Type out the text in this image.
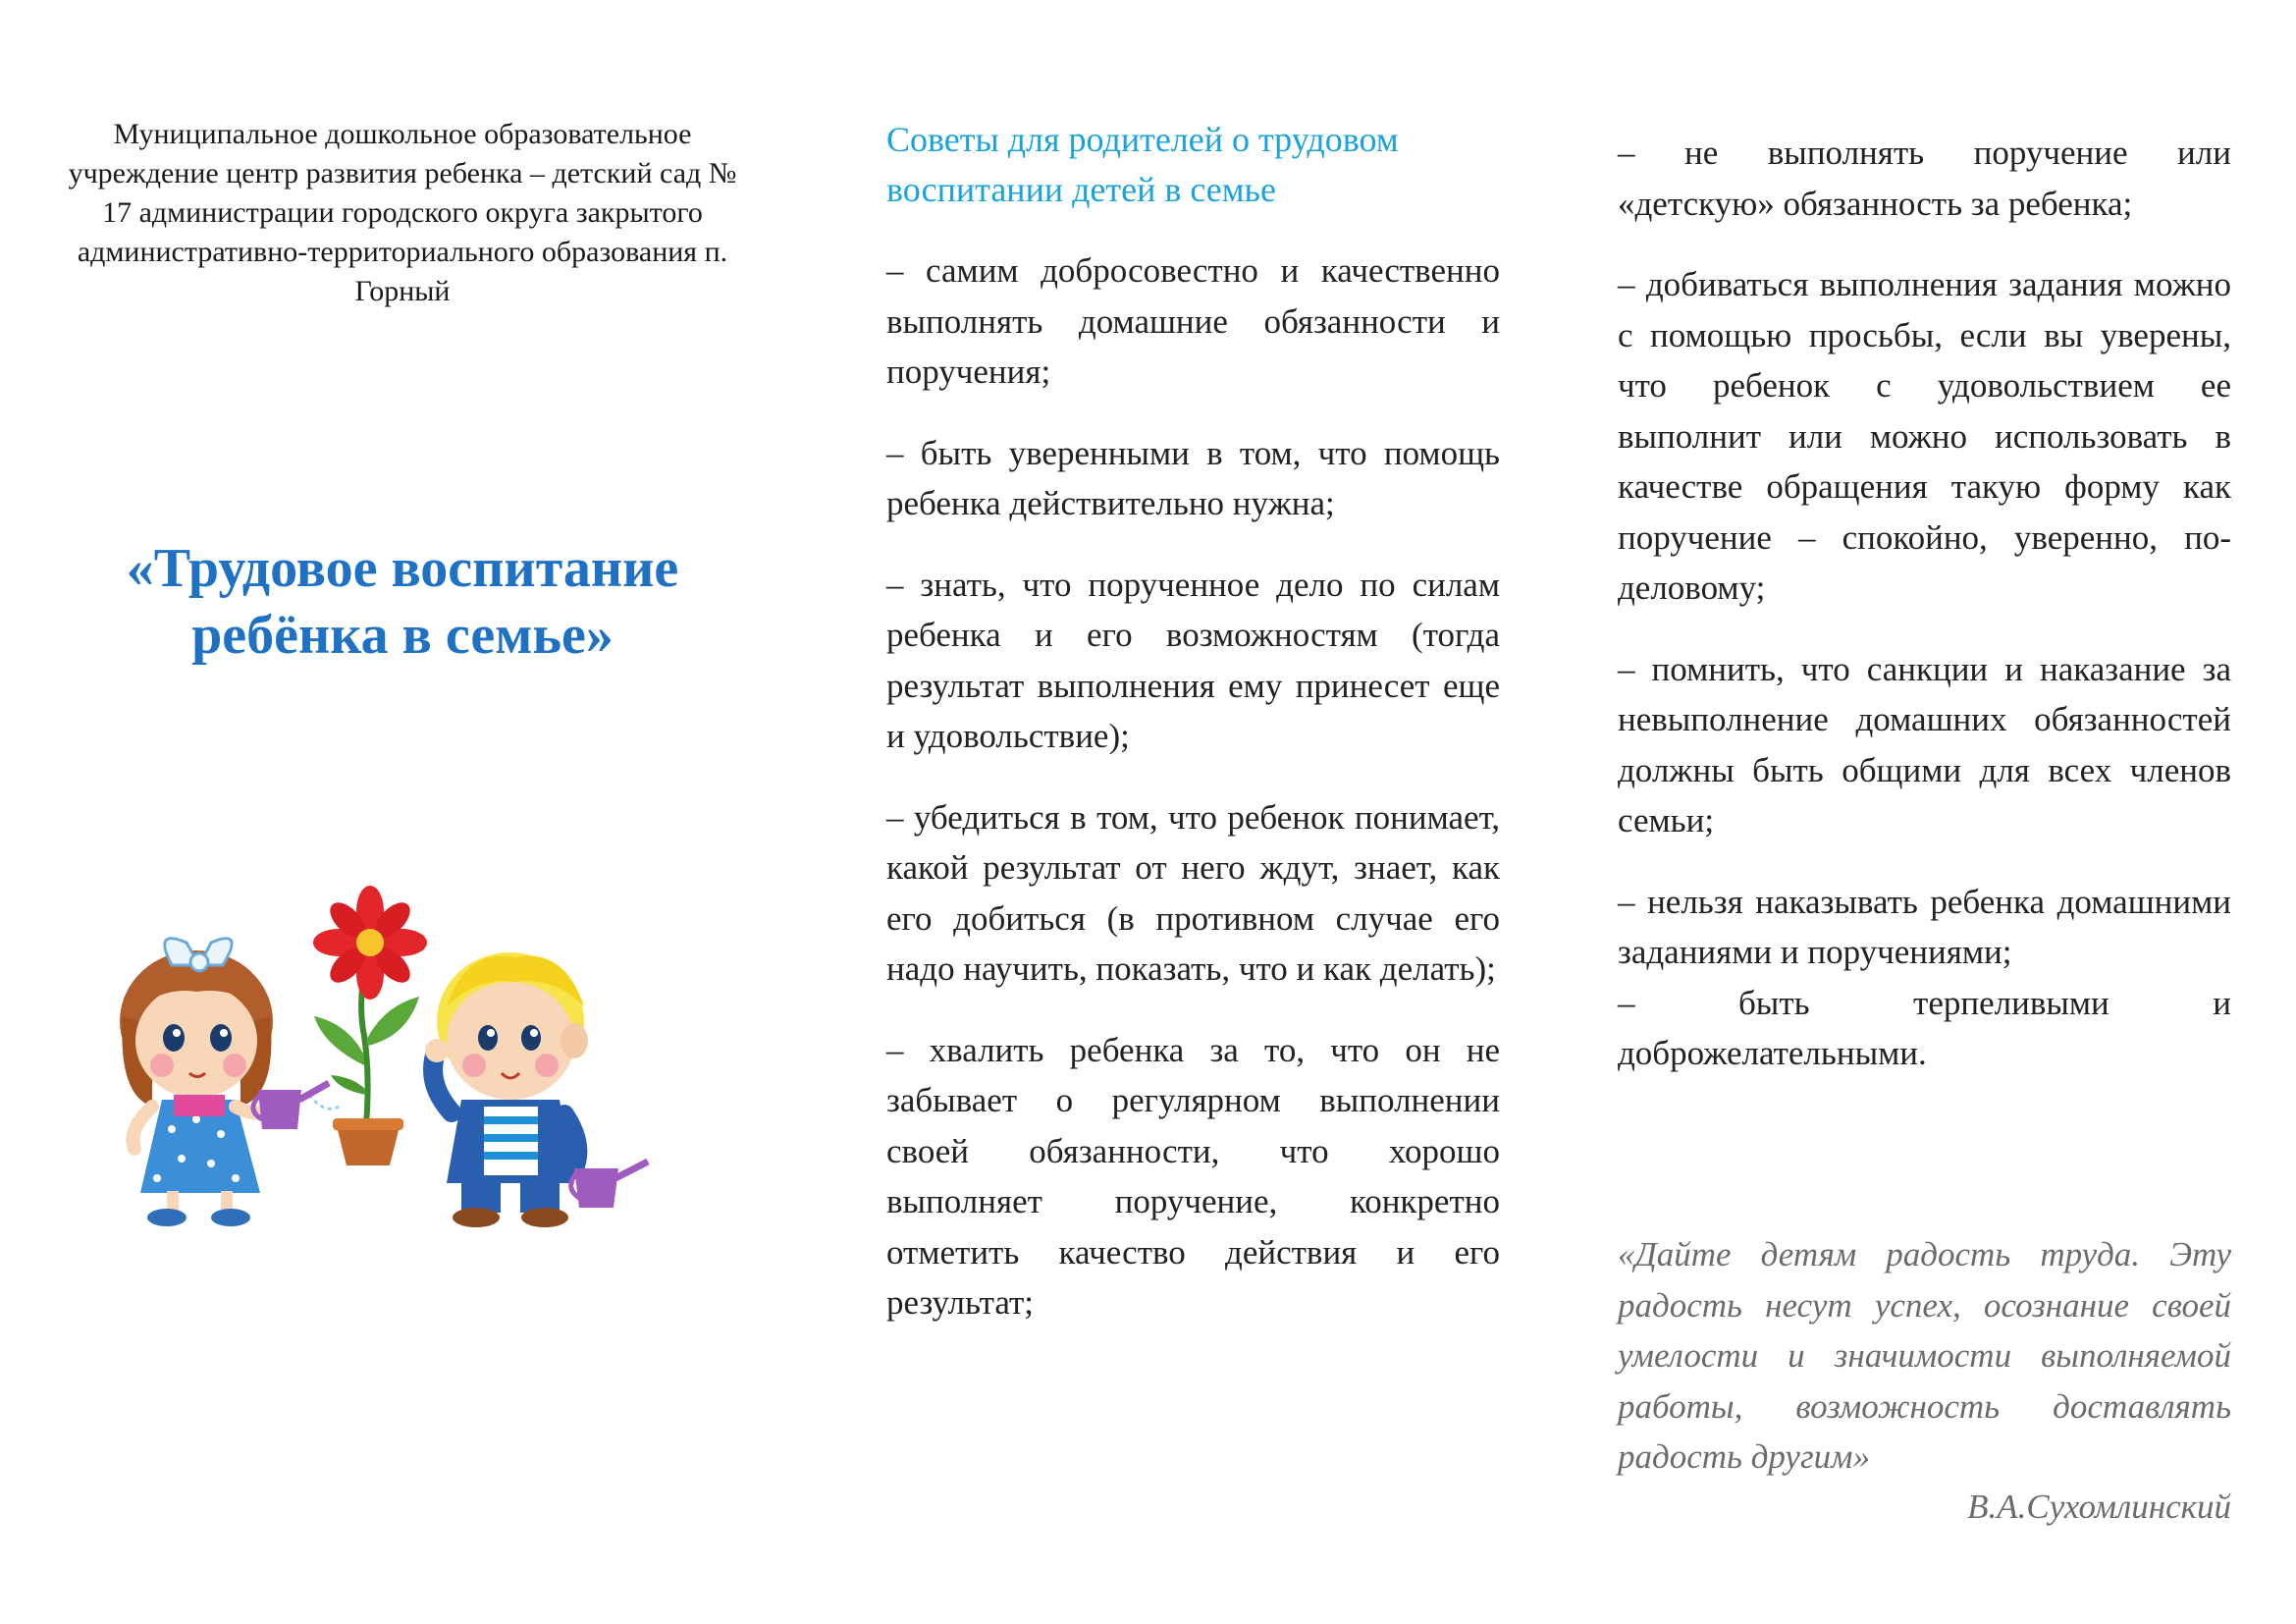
Муниципальное дошкольное образовательное учреждение центр развития ребенка – детский сад № 17 администрации городского округа закрытого административно-территориального образования п. Горный
«Трудовое воспитание
ребёнка в семье»
Советы для родителей о трудовом воспитании детей в семье

– самим добросовестно и качественно выполнять домашние обязанности и поручения;

– быть уверенными в том, что помощь ребенка действительно нужна;

– знать, что порученное дело по силам ребенка и его возможностям (тогда результат выполнения ему принесет еще и удовольствие);

– убедиться в том, что ребенок понимает, какой результат от него ждут, знает, как его добиться (в противном случае его надо научить, показать, что и как делать);

– хвалить ребенка за то, что он не забывает о регулярном выполнении своей обязанности, что хорошо выполняет поручение, конкретно отметить качество действия и его результат;

– не выполнять поручение или «детскую» обязанность за ребенка;

– добиваться выполнения задания можно с помощью просьбы, если вы уверены, что ребенок с удовольствием ее выполнит или можно использовать в качестве обращения такую форму как поручение – спокойно, уверенно, по-деловому;

– помнить, что санкции и наказание за невыполнение домашних обязанностей должны быть общими для всех членов семьи;

– нельзя наказывать ребенка домашними заданиями и поручениями;

– быть терпеливыми и доброжелательными.

«Дайте детям радость труда. Эту радость несут успех, осознание своей умелости и значимости выполняемой работы, возможность доставлять радость другим»
В.А.Сухомлинский
